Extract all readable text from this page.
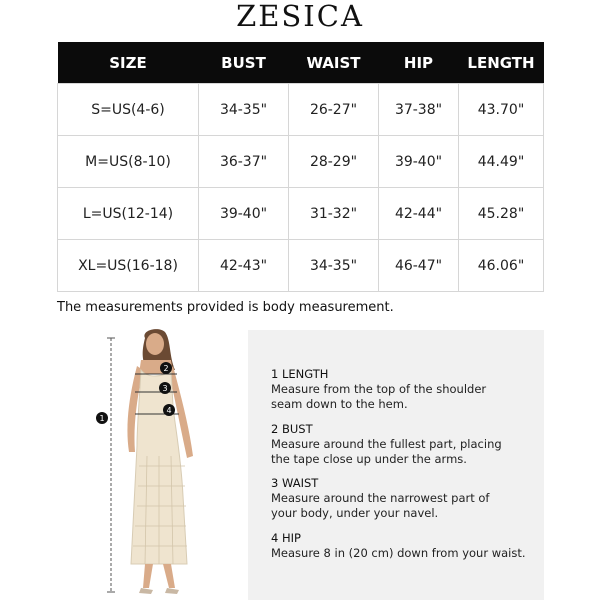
ZESICA
SIZE	BUST	WAIST	HIP	LENGTH
S=US(4-6)	34-35"	26-27"	37-38"	43.70"
M=US(8-10)	36-37"	28-29"	39-40"	44.49"
L=US(12-14)	39-40"	31-32"	42-44"	45.28"
XL=US(16-18)	42-43"	34-35"	46-47"	46.06"
The measurements provided is body measurement.
1
2
3
4
1 LENGTH
Measure from the top of the shoulder
seam down to the hem.
2 BUST
Measure around the fullest part, placing
the tape close up under the arms.
3 WAIST
Measure around the narrowest part of
your body, under your navel.
4 HIP
Measure 8 in (20 cm) down from your waist.
